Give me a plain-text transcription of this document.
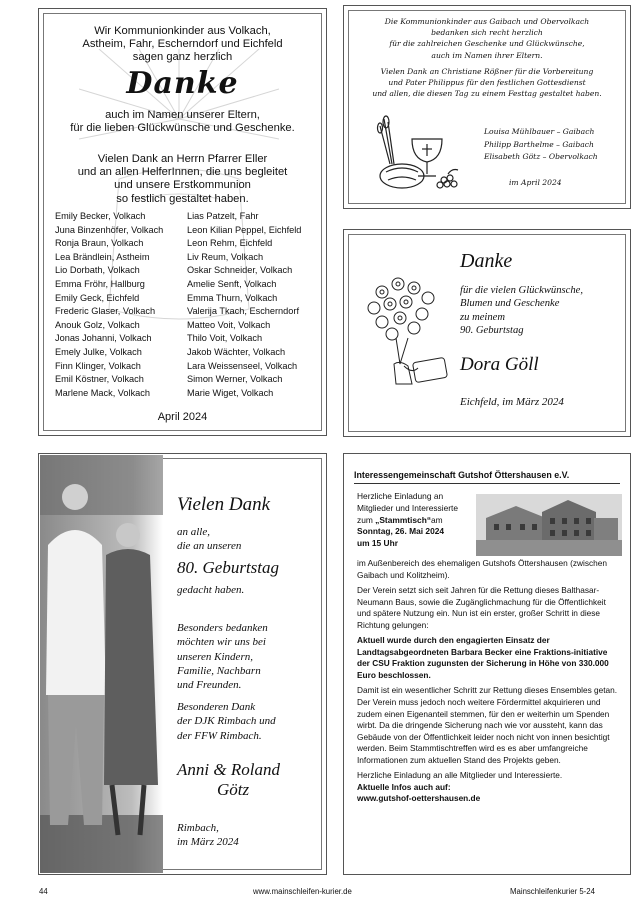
Wir Kommunionkinder aus Volkach,
Astheim, Fahr, Escherndorf und Eichfeld
sagen ganz herzlich
Danke
auch im Namen unserer Eltern,
für die lieben Glückwünsche und Geschenke.
Vielen Dank an Herrn Pfarrer Eller
und an allen HelferInnen, die uns begleitet
und unsere Erstkommunion
so festlich gestaltet haben.
Emily Becker, Volkach
Juna Binzenhöfer, Volkach
Ronja Braun, Volkach
Lea Brändlein, Astheim
Lio Dorbath, Volkach
Emma Fröhr, Hallburg
Emily Geck, Eichfeld
Frederic Glaser, Volkach
Anouk Golz, Volkach
Jonas Johanni, Volkach
Emely Julke, Volkach
Finn Klinger, Volkach
Emil Köstner, Volkach
Marlene Mack, Volkach
Lias Patzelt, Fahr
Leon Kilian Peppel, Eichfeld
Leon Rehm, Eichfeld
Liv Reum, Volkach
Oskar Schneider, Volkach
Amelie Senft, Volkach
Emma Thurn, Volkach
Valerija Tkach, Escherndorf
Matteo Voit, Volkach
Thilo Voit, Volkach
Jakob Wächter, Volkach
Lara Weissenseel, Volkach
Simon Werner, Volkach
Marie Wiget, Volkach
April 2024
Die Kommunionkinder aus Gaibach und Obervolkach
bedanken sich recht herzlich
für die zahlreichen Geschenke und Glückwünsche,
auch im Namen ihrer Eltern.
Vielen Dank an Christiane Rößner für die Vorbereitung
und Pater Philippus für den festlichen Gottesdienst
und allen, die diesen Tag zu einem Festtag gestaltet haben.
Louisa Mühlbauer – Gaibach
Philipp Barthelme – Gaibach
Elisabeth Götz – Obervolkach
im April 2024
Danke
für die vielen Glückwünsche,
Blumen und Geschenke
zu meinem
90. Geburtstag
Dora Göll
Eichfeld, im März 2024
Vielen Dank
an alle,
die an unseren
80. Geburtstag
gedacht haben.
Besonders bedanken
möchten wir uns bei
unseren Kindern,
Familie, Nachbarn
und Freunden.
Besonderen Dank
der DJK Rimbach und
der FFW Rimbach.
Anni & Roland
Götz
Rimbach,
im März 2024
Interessengemeinschaft Gutshof Öttershausen e.V.
Herzliche Einladung an
Mitglieder und Interessierte
zum „Stammtisch“am
Sonntag, 26. Mai 2024
um 15 Uhr

im Außenbereich des ehemaligen Gutshofs Öttershausen (zwischen Gaibach und Kolitzheim).

Der Verein setzt sich seit Jahren für die Rettung dieses Balthasar-Neumann Baus, sowie die Zugänglichmachung für die Öffentlichkeit und spätere Nutzung ein. Nun ist ein erster, großer Schritt in diese Richtung gelungen:

Aktuell wurde durch den engagierten Einsatz der Landtagsabgeordneten Barbara Becker eine Fraktions-initiative der CSU Fraktion zugunsten der Sicherung in Höhe von 330.000 Euro beschlossen.

Damit ist ein wesentlicher Schritt zur Rettung dieses Ensembles getan. Der Verein muss jedoch noch weitere Fördermittel akquirieren und zudem einen Eigenanteil stemmen, für den er weiterhin um Spenden wirbt. Da die dringende Sicherung nach wie vor aussteht, kann das Gebäude von der Öffentlichkeit leider noch nicht von innen besichtigt werden. Beim Stammtischtreffen wird es es aber umfangreiche Informationen zum aktuellen Stand des Projekts geben.

Herzliche Einladung an alle Mitglieder und Interessierte.

Aktuelle Infos auch auf:

www.gutshof-oettershausen.de

44	www.mainschleifen-kurier.de	Mainschleifenkurier 5-24
